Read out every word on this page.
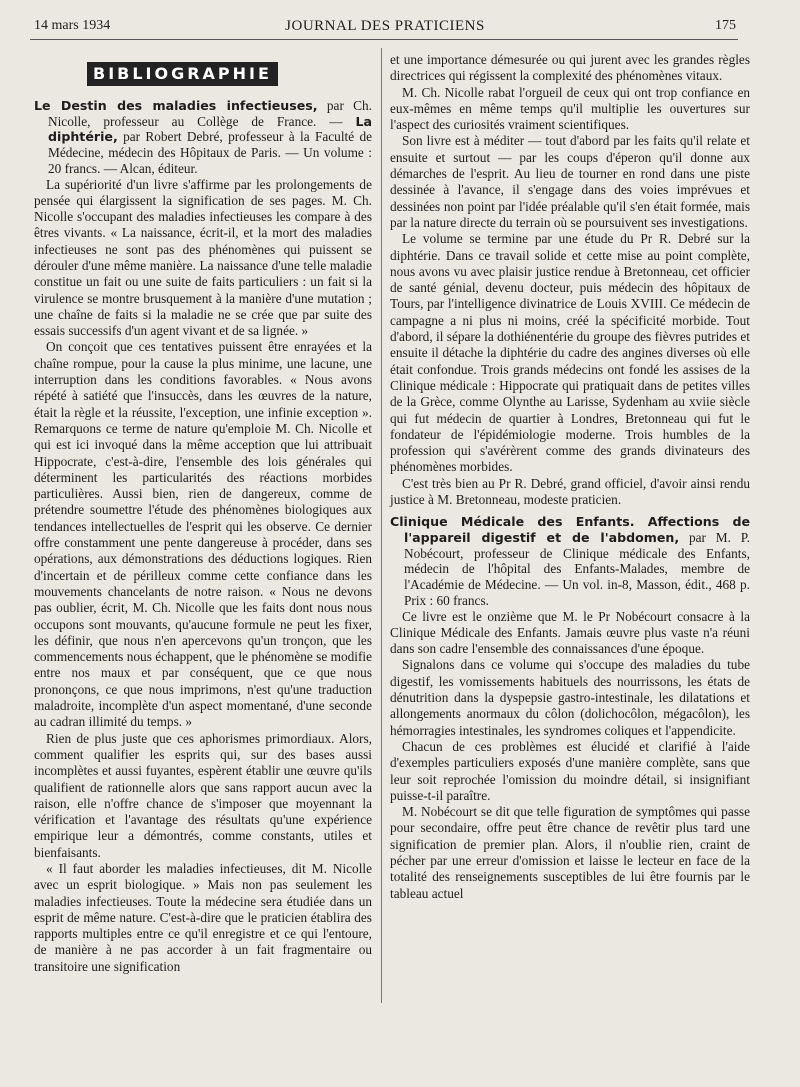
14 mars 1934	JOURNAL DES PRATICIENS	175
BIBLIOGRAPHIE

Le Destin des maladies infectieuses, par Ch. Nicolle, professeur au Collège de France. — La diphtérie, par Robert Debré, professeur à la Faculté de Médecine, médecin des Hôpitaux de Paris. — Un volume : 20 francs. — Alcan, éditeur.

La supériorité d'un livre s'affirme par les prolongements de pensée qui élargissent la signification de ses pages. M. Ch. Nicolle s'occupant des maladies infectieuses les compare à des êtres vivants. « La naissance, écrit-il, et la mort des maladies infectieuses ne sont pas des phénomènes qui puissent se dérouler d'une même manière. La naissance d'une telle maladie constitue un fait ou une suite de faits particuliers : un fait si la virulence se montre brusquement à la manière d'une mutation ; une chaîne de faits si la maladie ne se crée que par suite des essais successifs d'un agent vivant et de sa lignée. »

On conçoit que ces tentatives puissent être enrayées et la chaîne rompue, pour la cause la plus minime, une lacune, une interruption dans les conditions favorables. « Nous avons répété à satiété que l'insuccès, dans les œuvres de la nature, était la règle et la réussite, l'exception, une infinie exception ». Remarquons ce terme de nature qu'emploie M. Ch. Nicolle et qui est ici invoqué dans la même acception que lui attribuait Hippocrate, c'est-à-dire, l'ensemble des lois générales qui déterminent les particularités des réactions morbides particulières. Aussi bien, rien de dangereux, comme de prétendre soumettre l'étude des phénomènes biologiques aux tendances intellectuelles de l'esprit qui les observe. Ce dernier offre constamment une pente dangereuse à procéder, dans ses opérations, aux démonstrations des déductions logiques. Rien d'incertain et de périlleux comme cette confiance dans les mouvements chancelants de notre raison. « Nous ne devons pas oublier, écrit, M. Ch. Nicolle que les faits dont nous nous occupons sont mouvants, qu'aucune formule ne peut les fixer, les définir, que nous n'en apercevons qu'un tronçon, que les commencements nous échappent, que le phénomène se modifie entre nos maux et par conséquent, que ce que nous prononçons, ce que nous imprimons, n'est qu'une traduction maladroite, incomplète d'un aspect momentané, d'une seconde au cadran illimité du temps. »

Rien de plus juste que ces aphorismes primordiaux. Alors, comment qualifier les esprits qui, sur des bases aussi incomplètes et aussi fuyantes, espèrent établir une œuvre qu'ils qualifient de rationnelle alors que sans rapport aucun avec la raison, elle n'offre chance de s'imposer que moyennant la vérification et l'avantage des résultats qu'une expérience empirique leur a démontrés, comme constants, utiles et bienfaisants.

« Il faut aborder les maladies infectieuses, dit M. Nicolle avec un esprit biologique. » Mais non pas seulement les maladies infectieuses. Toute la médecine sera étudiée dans un esprit de même nature. C'est-à-dire que le praticien établira des rapports multiples entre ce qu'il enregistre et ce qui l'entoure, de manière à ne pas accorder à un fait fragmentaire ou transitoire une signification

et une importance démesurée ou qui jurent avec les grandes règles directrices qui régissent la complexité des phénomènes vitaux.

M. Ch. Nicolle rabat l'orgueil de ceux qui ont trop confiance en eux-mêmes en même temps qu'il multiplie les ouvertures sur l'aspect des curiosités vraiment scientifiques.

Son livre est à méditer — tout d'abord par les faits qu'il relate et ensuite et surtout — par les coups d'éperon qu'il donne aux démarches de l'esprit. Au lieu de tourner en rond dans une piste dessinée à l'avance, il s'engage dans des voies imprévues et dessinées non point par l'idée préalable qu'il s'en était formée, mais par la nature directe du terrain où se poursuivent ses investigations.

Le volume se termine par une étude du Pr R. Debré sur la diphtérie. Dans ce travail solide et cette mise au point complète, nous avons vu avec plaisir justice rendue à Bretonneau, cet officier de santé génial, devenu docteur, puis médecin des hôpitaux de Tours, par l'intelligence divinatrice de Louis XVIII. Ce médecin de campagne a ni plus ni moins, créé la spécificité morbide. Tout d'abord, il sépare la dothiénentérie du groupe des fièvres putrides et ensuite il détache la diphtérie du cadre des angines diverses où elle était confondue. Trois grands médecins ont fondé les assises de la Clinique médicale : Hippocrate qui pratiquait dans de petites villes de la Grèce, comme Olynthe au Larisse, Sydenham au xviie siècle qui fut médecin de quartier à Londres, Bretonneau qui fut le fondateur de l'épidémiologie moderne. Trois humbles de la profession qui s'avérèrent comme des grands divinateurs des phénomènes morbides.

C'est très bien au Pr R. Debré, grand officiel, d'avoir ainsi rendu justice à M. Bretonneau, modeste praticien.

Clinique Médicale des Enfants. Affections de l'appareil digestif et de l'abdomen, par M. P. Nobécourt, professeur de Clinique médicale des Enfants, médecin de l'hôpital des Enfants-Malades, membre de l'Académie de Médecine. — Un vol. in-8, Masson, édit., 468 p. Prix : 60 francs.

Ce livre est le onzième que M. le Pr Nobécourt consacre à la Clinique Médicale des Enfants. Jamais œuvre plus vaste n'a réuni dans son cadre l'ensemble des connaissances d'une époque.

Signalons dans ce volume qui s'occupe des maladies du tube digestif, les vomissements habituels des nourrissons, les états de dénutrition dans la dyspepsie gastro-intestinale, les dilatations et allongements anormaux du côlon (dolichocôlon, mégacôlon), les hémorragies intestinales, les syndromes coliques et l'appendicite.

Chacun de ces problèmes est élucidé et clarifié à l'aide d'exemples particuliers exposés d'une manière complète, sans que leur soit reprochée l'omission du moindre détail, si insignifiant puisse-t-il paraître.

M. Nobécourt se dit que telle figuration de symptômes qui passe pour secondaire, offre peut être chance de revêtir plus tard une signification de premier plan. Alors, il n'oublie rien, craint de pécher par une erreur d'omission et laisse le lecteur en face de la totalité des renseignements susceptibles de lui être fournis par le tableau actuel
